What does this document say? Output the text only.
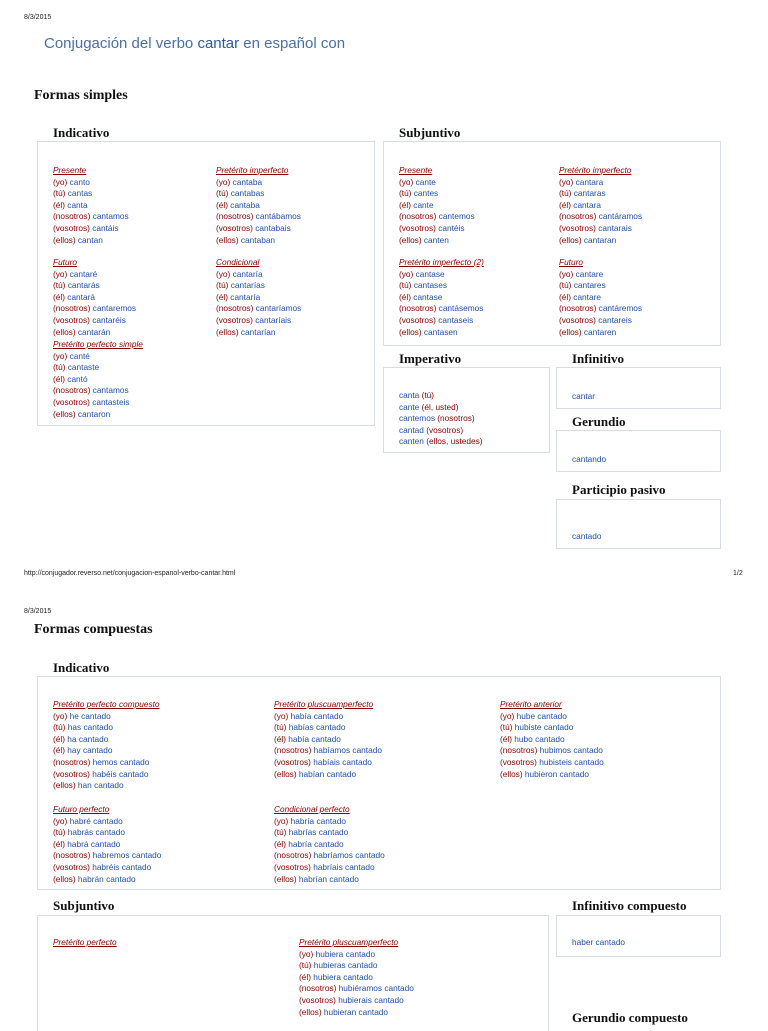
8/3/2015
Conjugación del verbo cantar en español con
Formas simples
Indicativo
Presente
(yo) canto
(tú) cantas
(él) canta
(nosotros) cantamos
(vosotros) cantáis
(ellos) cantan
Pretérito imperfecto
(yo) cantaba
(tú) cantabas
(él) cantaba
(nosotros) cantábamos
(vosotros) cantabais
(ellos) cantaban
Futuro
(yo) cantaré
(tú) cantarás
(él) cantará
(nosotros) cantaremos
(vosotros) cantaréis
(ellos) cantarán
Condicional
(yo) cantaría
(tú) cantarías
(él) cantaría
(nosotros) cantaríamos
(vosotros) cantaríais
(ellos) cantarían
Pretérito perfecto simple
(yo) canté
(tú) cantaste
(él) cantó
(nosotros) cantamos
(vosotros) cantasteis
(ellos) cantaron
Subjuntivo
Presente
(yo) cante
(tú) cantes
(él) cante
(nosotros) cantemos
(vosotros) cantéis
(ellos) canten
Pretérito imperfecto
(yo) cantara
(tú) cantaras
(él) cantara
(nosotros) cantáramos
(vosotros) cantarais
(ellos) cantaran
Pretérito imperfecto (2)
(yo) cantase
(tú) cantases
(él) cantase
(nosotros) cantásemos
(vosotros) cantaseis
(ellos) cantasen
Futuro
(yo) cantare
(tú) cantares
(él) cantare
(nosotros) cantáremos
(vosotros) cantareis
(ellos) cantaren
Imperativo
canta (tú)
cante (él, usted)
cantemos (nosotros)
cantad (vosotros)
canten (ellos, ustedes)
Infinitivo
cantar
Gerundio
cantando
Participio pasivo
cantado
http://conjugador.reverso.net/conjugacion-espanol-verbo-cantar.html	1/2
8/3/2015
Formas compuestas
Indicativo
Pretérito perfecto compuesto
(yo) he cantado
(tú) has cantado
(él) ha cantado
(él) hay cantado
(nosotros) hemos cantado
(vosotros) habéis cantado
(ellos) han cantado
Pretérito pluscuamperfecto
(yo) había cantado
(tú) habías cantado
(él) había cantado
(nosotros) habíamos cantado
(vosotros) habíais cantado
(ellos) habían cantado
Pretérito anterior
(yo) hube cantado
(tú) hubiste cantado
(él) hubo cantado
(nosotros) hubimos cantado
(vosotros) hubisteis cantado
(ellos) hubieron cantado
Futuro perfecto
(yo) habré cantado
(tú) habrás cantado
(él) habrá cantado
(nosotros) habremos cantado
(vosotros) habréis cantado
(ellos) habrán cantado
Condicional perfecto
(yo) habría cantado
(tú) habrías cantado
(él) habría cantado
(nosotros) habríamos cantado
(vosotros) habríais cantado
(ellos) habrían cantado
Subjuntivo
Pretérito perfecto	Pretérito pluscuamperfecto
(yo) hubiera cantado
(tú) hubieras cantado
(él) hubiera cantado
(nosotros) hubiéramos cantado
(vosotros) hubierais cantado
(ellos) hubieran cantado
Infinitivo compuesto
haber cantado
Gerundio compuesto
